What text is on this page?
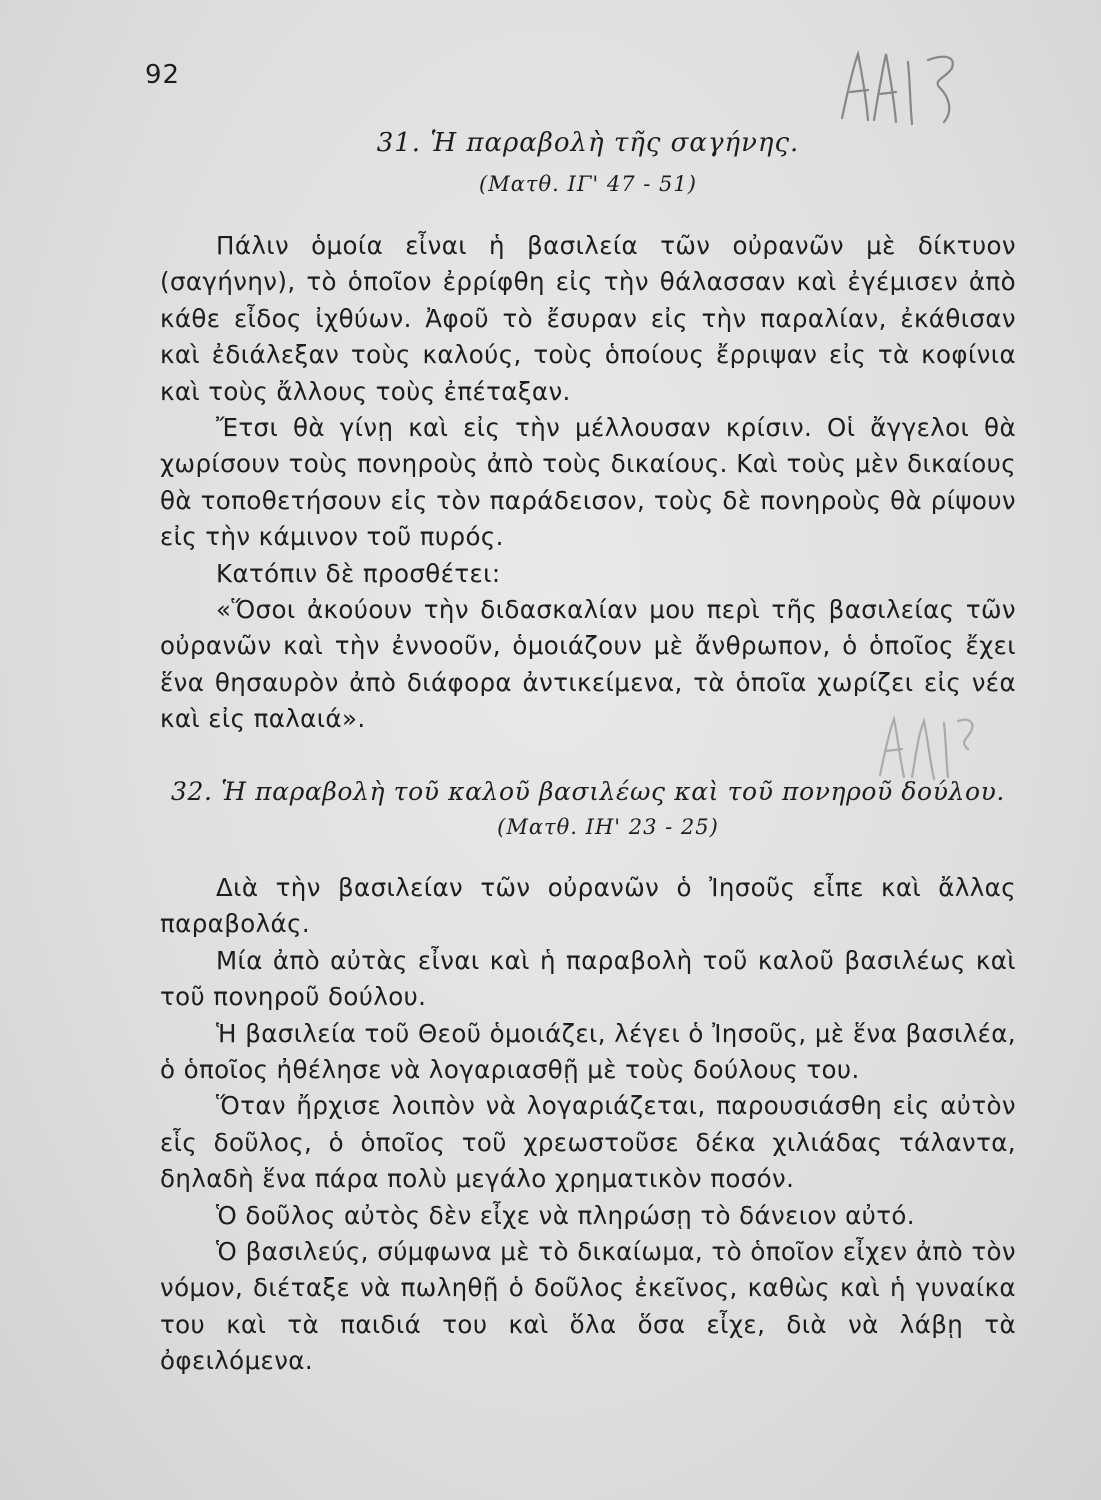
92
31. Ἡ παραβολὴ τῆς σαγήνης.
(Ματθ. ΙΓ' 47 - 51)

Πάλιν ὁμοία εἶναι ἡ βασιλεία τῶν οὐρανῶν μὲ δίκτυον (σαγήνην), τὸ ὁποῖον ἐρρίφθη εἰς τὴν θάλασσαν καὶ ἐγέμισεν ἀπὸ κάθε εἶδος ἰχθύων. Ἀφοῦ τὸ ἔσυραν εἰς τὴν παραλίαν, ἐκάθισαν καὶ ἐδιάλεξαν τοὺς καλούς, τοὺς ὁποίους ἔρριψαν εἰς τὰ κοφίνια καὶ τοὺς ἄλλους τοὺς ἐπέταξαν.

Ἔτσι θὰ γίνῃ καὶ εἰς τὴν μέλλουσαν κρίσιν. Οἱ ἄγγελοι θὰ χωρίσουν τοὺς πονηροὺς ἀπὸ τοὺς δικαίους. Καὶ τοὺς μὲν δικαίους θὰ τοποθετήσουν εἰς τὸν παράδεισον, τοὺς δὲ πονηροὺς θὰ ρίψουν εἰς τὴν κάμινον τοῦ πυρός.

Κατόπιν δὲ προσθέτει:

«Ὅσοι ἀκούουν τὴν διδασκαλίαν μου περὶ τῆς βασιλείας τῶν οὐρανῶν καὶ τὴν ἐννοοῦν, ὁμοιάζουν μὲ ἄνθρωπον, ὁ ὁποῖος ἔχει ἕνα θησαυρὸν ἀπὸ διάφορα ἀντικείμενα, τὰ ὁποῖα χωρίζει εἰς νέα καὶ εἰς παλαιά».

32. Ἡ παραβολὴ τοῦ καλοῦ βασιλέως καὶ τοῦ πονηροῦ δούλου.
(Ματθ. ΙΗ' 23 - 25)

Διὰ τὴν βασιλείαν τῶν οὐρανῶν ὁ Ἰησοῦς εἶπε καὶ ἄλλας παραβολάς.

Μία ἀπὸ αὐτὰς εἶναι καὶ ἡ παραβολὴ τοῦ καλοῦ βασιλέως καὶ τοῦ πονηροῦ δούλου.

Ἡ βασιλεία τοῦ Θεοῦ ὁμοιάζει, λέγει ὁ Ἰησοῦς, μὲ ἕνα βασιλέα, ὁ ὁποῖος ἠθέλησε νὰ λογαριασθῇ μὲ τοὺς δούλους του.

Ὅταν ἤρχισε λοιπὸν νὰ λογαριάζεται, παρουσιάσθη εἰς αὐτὸν εἷς δοῦλος, ὁ ὁποῖος τοῦ χρεωστοῦσε δέκα χιλιάδας τάλαντα, δηλαδὴ ἕνα πάρα πολὺ μεγάλο χρηματικὸν ποσόν.

Ὁ δοῦλος αὐτὸς δὲν εἶχε νὰ πληρώσῃ τὸ δάνειον αὐτό.

Ὁ βασιλεύς, σύμφωνα μὲ τὸ δικαίωμα, τὸ ὁποῖον εἶχεν ἀπὸ τὸν νόμον, διέταξε νὰ πωληθῇ ὁ δοῦλος ἐκεῖνος, καθὼς καὶ ἡ γυναίκα του καὶ τὰ παιδιά του καὶ ὅλα ὅσα εἶχε, διὰ νὰ λάβῃ τὰ ὀφειλόμενα.
